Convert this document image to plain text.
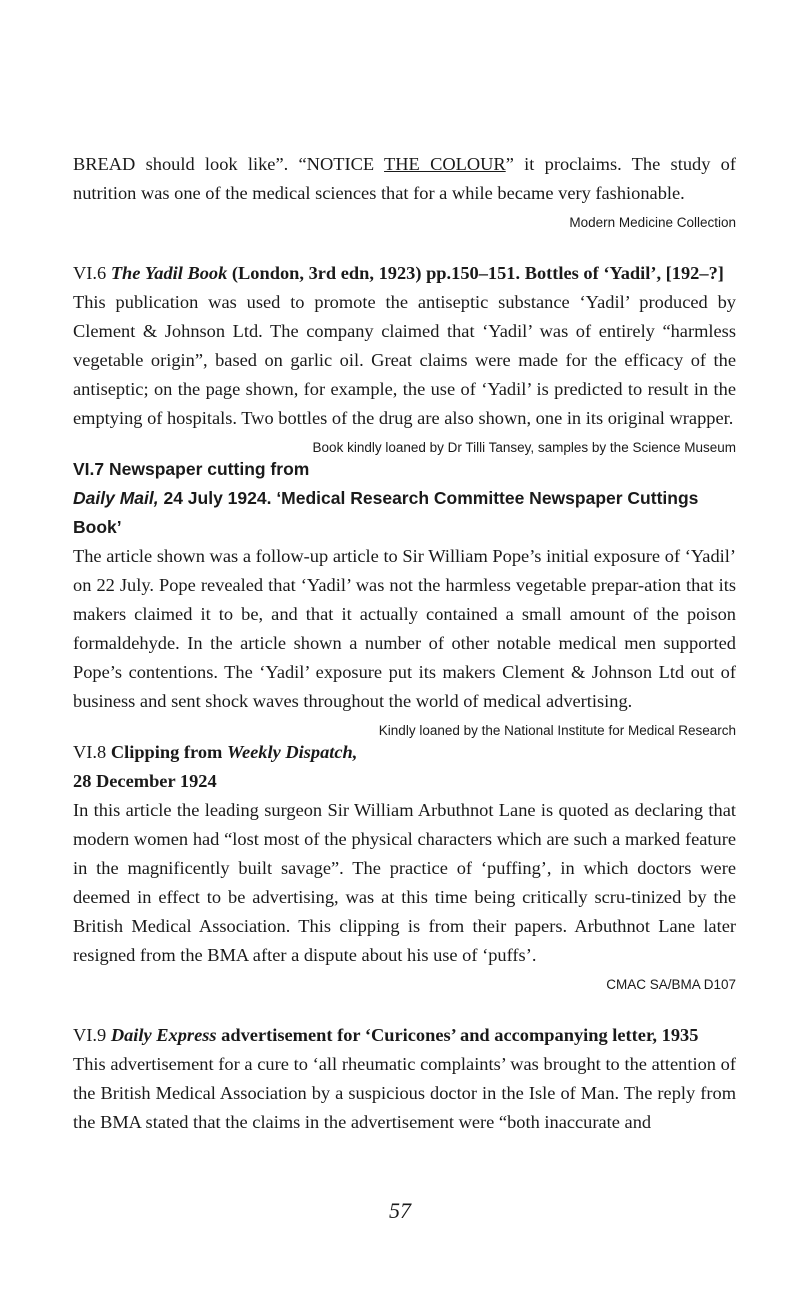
BREAD should look like”. “NOTICE THE COLOUR” it proclaims. The study of nutrition was one of the medical sciences that for a while became very fashionable.

Modern Medicine Collection
VI.6 The Yadil Book (London, 3rd edn, 1923) pp.150–151. Bottles of ‘Yadil’, [192–?]

This publication was used to promote the antiseptic substance ‘Yadil’ produced by Clement & Johnson Ltd. The company claimed that ‘Yadil’ was of entirely “harmless vegetable origin”, based on garlic oil. Great claims were made for the efficacy of the antiseptic; on the page shown, for example, the use of ‘Yadil’ is predicted to result in the emptying of hospitals. Two bottles of the drug are also shown, one in its original wrapper.
Book kindly loaned by Dr Tilli Tansey, samples by the Science Museum

VI.7 Newspaper cutting from Daily Mail, 24 July 1924. ‘Medical Research Committee Newspaper Cuttings Book’

The article shown was a follow-up article to Sir William Pope’s initial exposure of ‘Yadil’ on 22 July. Pope revealed that ‘Yadil’ was not the harmless vegetable prepar-ation that its makers claimed it to be, and that it actually contained a small amount of the poison formaldehyde. In the article shown a number of other notable medical men supported Pope’s contentions. The ‘Yadil’ exposure put its makers Clement & Johnson Ltd out of business and sent shock waves throughout the world of medical advertising.
Kindly loaned by the National Institute for Medical Research

VI.8 Clipping from Weekly Dispatch, 28 December 1924

In this article the leading surgeon Sir William Arbuthnot Lane is quoted as declaring that modern women had “lost most of the physical characters which are such a marked feature in the magnificently built savage”. The practice of ‘puffing’, in which doctors were deemed in effect to be advertising, was at this time being critically scru-tinized by the British Medical Association. This clipping is from their papers. Arbuthnot Lane later resigned from the BMA after a dispute about his use of ‘puffs’.

CMAC SA/BMA D107
VI.9 Daily Express advertisement for ‘Curicones’ and accompanying letter, 1935

This advertisement for a cure to ‘all rheumatic complaints’ was brought to the attention of the British Medical Association by a suspicious doctor in the Isle of Man. The reply from the BMA stated that the claims in the advertisement were “both inaccurate and

57
